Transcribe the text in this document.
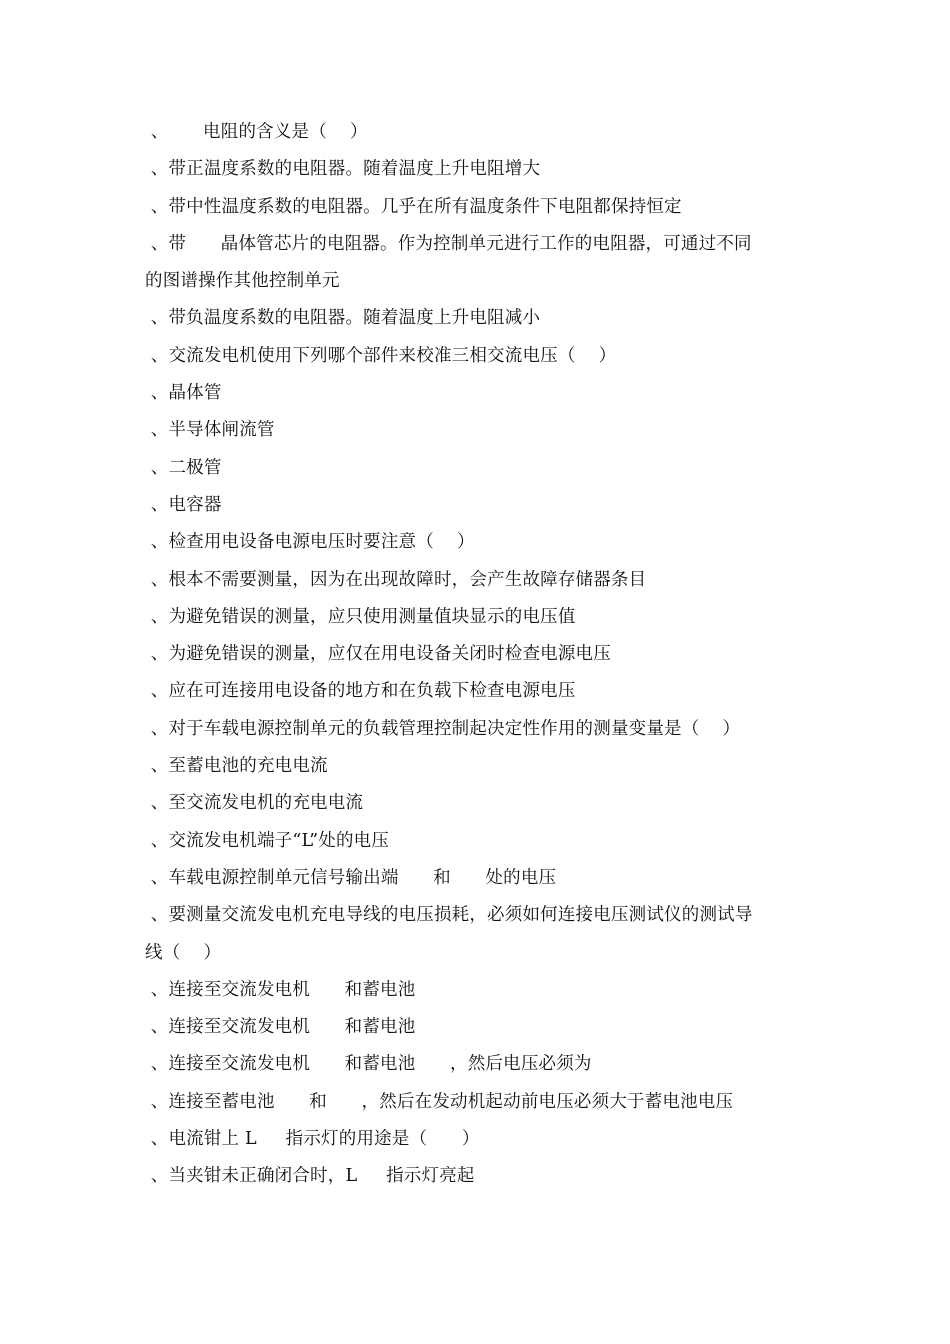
、      电阻的含义是（    ）
、带正温度系数的电阻器。随着温度上升电阻增大
、带中性温度系数的电阻器。几乎在所有温度条件下电阻都保持恒定
、带      晶体管芯片的电阻器。作为控制单元进行工作的电阻器，可通过不同
的图谱操作其他控制单元
、带负温度系数的电阻器。随着温度上升电阻减小
、交流发电机使用下列哪个部件来校准三相交流电压（    ）
、晶体管
、半导体闸流管
、二极管
、电容器
、检查用电设备电源电压时要注意（    ）
、根本不需要测量，因为在出现故障时，会产生故障存储器条目
、为避免错误的测量，应只使用测量值块显示的电压值
、为避免错误的测量，应仅在用电设备关闭时检查电源电压
、应在可连接用电设备的地方和在负载下检查电源电压
、对于车载电源控制单元的负载管理控制起决定性作用的测量变量是（    ）
、至蓄电池的充电电流
、至交流发电机的充电电流
、交流发电机端子“L”处的电压
、车载电源控制单元信号输出端      和      处的电压
、要测量交流发电机充电导线的电压损耗，必须如何连接电压测试仪的测试导
线（    ）
、连接至交流发电机      和蓄电池
、连接至交流发电机      和蓄电池
、连接至交流发电机      和蓄电池      ，然后电压必须为
、连接至蓄电池      和      ，然后在发动机起动前电压必须大于蓄电池电压
、电流钳上 L     指示灯的用途是（      ）
、当夹钳未正确闭合时，L     指示灯亮起
